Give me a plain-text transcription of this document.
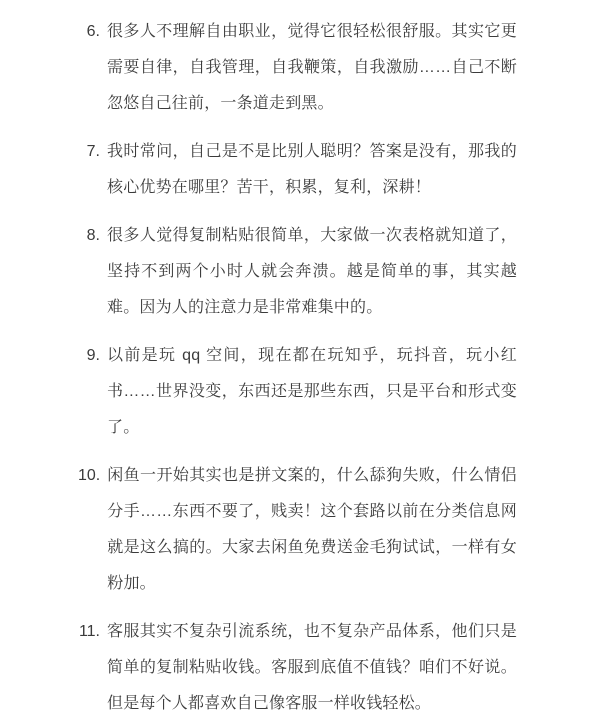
6. 很多人不理解自由职业，觉得它很轻松很舒服。其实它更需要自律，自我管理，自我鞭策，自我激励……自己不断忽悠自己往前，一条道走到黑。
7. 我时常问，自己是不是比别人聪明？答案是没有，那我的核心优势在哪里？苦干，积累，复利，深耕！
8. 很多人觉得复制粘贴很简单，大家做一次表格就知道了，坚持不到两个小时人就会奔溃。越是简单的事，其实越难。因为人的注意力是非常难集中的。
9. 以前是玩 qq 空间，现在都在玩知乎，玩抖音，玩小红书……世界没变，东西还是那些东西，只是平台和形式变了。
10. 闲鱼一开始其实也是拼文案的，什么舔狗失败，什么情侣分手……东西不要了，贱卖！这个套路以前在分类信息网就是这么搞的。大家去闲鱼免费送金毛狗试试，一样有女粉加。
11. 客服其实不复杂引流系统，也不复杂产品体系，他们只是简单的复制粘贴收钱。客服到底值不值钱？咱们不好说。但是每个人都喜欢自己像客服一样收钱轻松。
